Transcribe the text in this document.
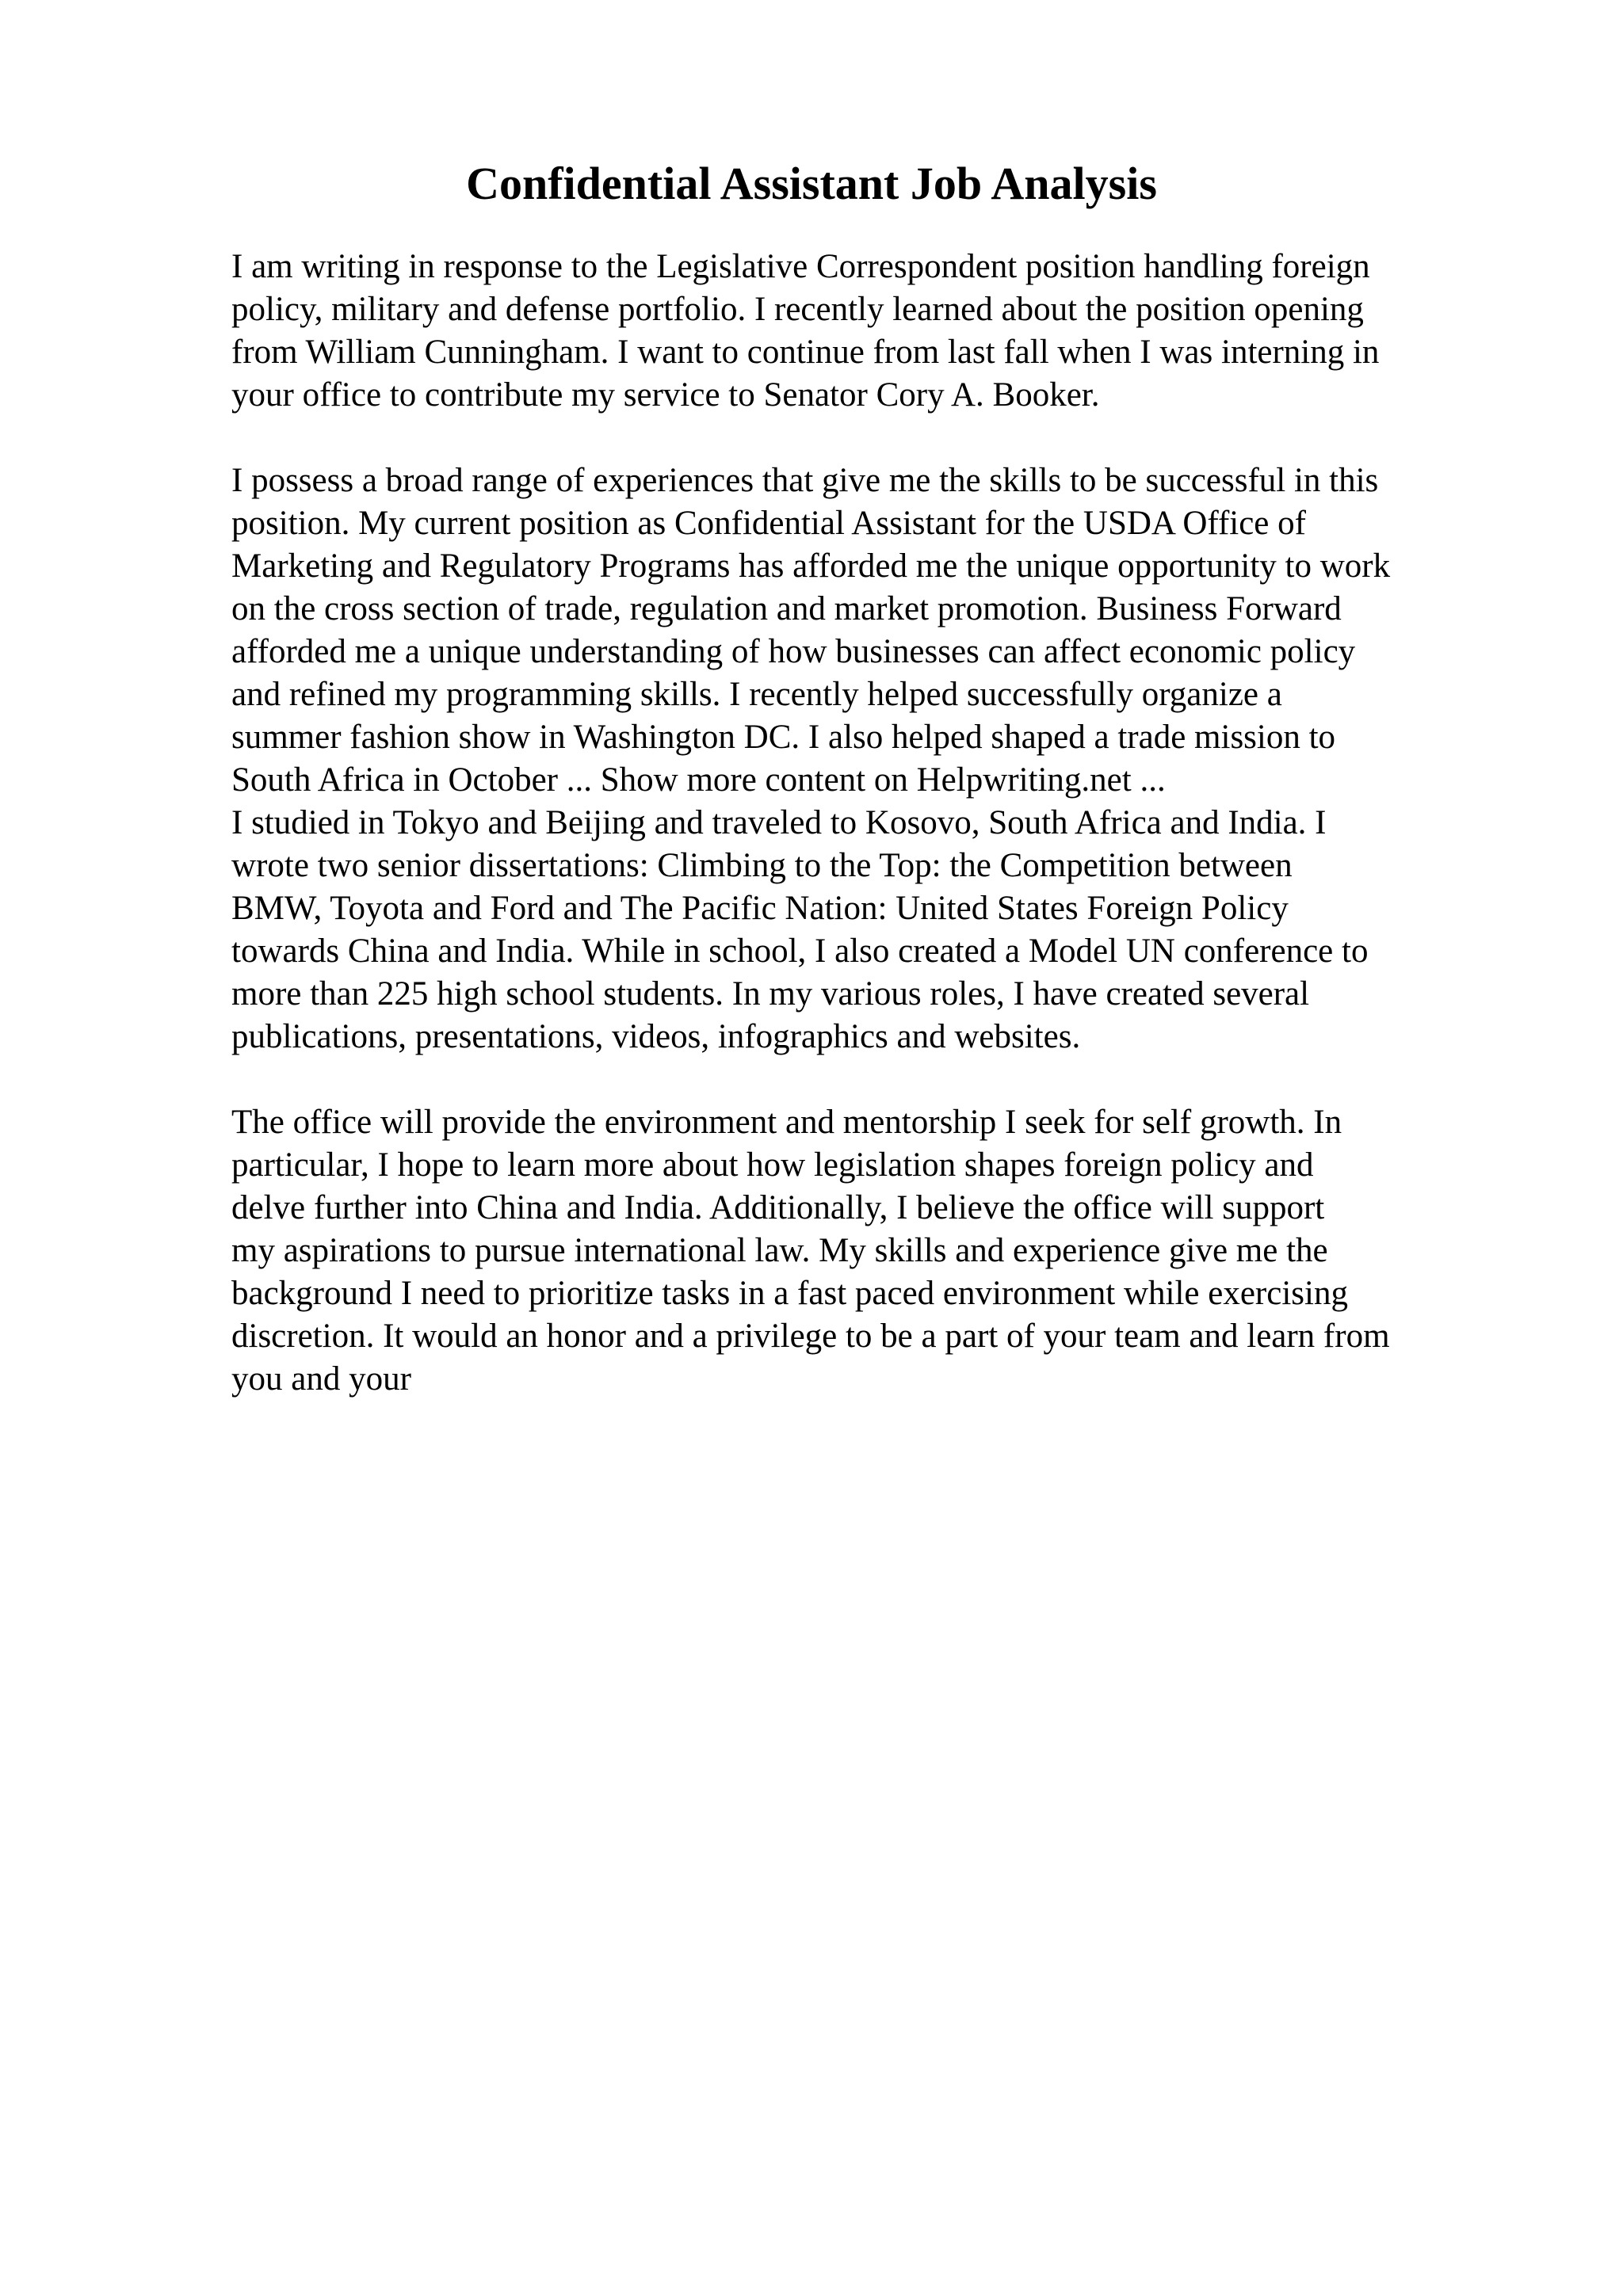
Confidential Assistant Job Analysis
I am writing in response to the Legislative Correspondent position handling foreign
policy, military and defense portfolio. I recently learned about the position opening
from William Cunningham. I want to continue from last fall when I was interning in
your office to contribute my service to Senator Cory A. Booker.
I possess a broad range of experiences that give me the skills to be successful in this
position. My current position as Confidential Assistant for the USDA Office of
Marketing and Regulatory Programs has afforded me the unique opportunity to work
on the cross section of trade, regulation and market promotion. Business Forward
afforded me a unique understanding of how businesses can affect economic policy
and refined my programming skills. I recently helped successfully organize a
summer fashion show in Washington DC. I also helped shaped a trade mission to
South Africa in October ... Show more content on Helpwriting.net ...
I studied in Tokyo and Beijing and traveled to Kosovo, South Africa and India. I
wrote two senior dissertations: Climbing to the Top: the Competition between
BMW, Toyota and Ford and The Pacific Nation: United States Foreign Policy
towards China and India. While in school, I also created a Model UN conference to
more than 225 high school students. In my various roles, I have created several
publications, presentations, videos, infographics and websites.
The office will provide the environment and mentorship I seek for self growth. In
particular, I hope to learn more about how legislation shapes foreign policy and
delve further into China and India. Additionally, I believe the office will support
my aspirations to pursue international law. My skills and experience give me the
background I need to prioritize tasks in a fast paced environment while exercising
discretion. It would an honor and a privilege to be a part of your team and learn from
you and your
